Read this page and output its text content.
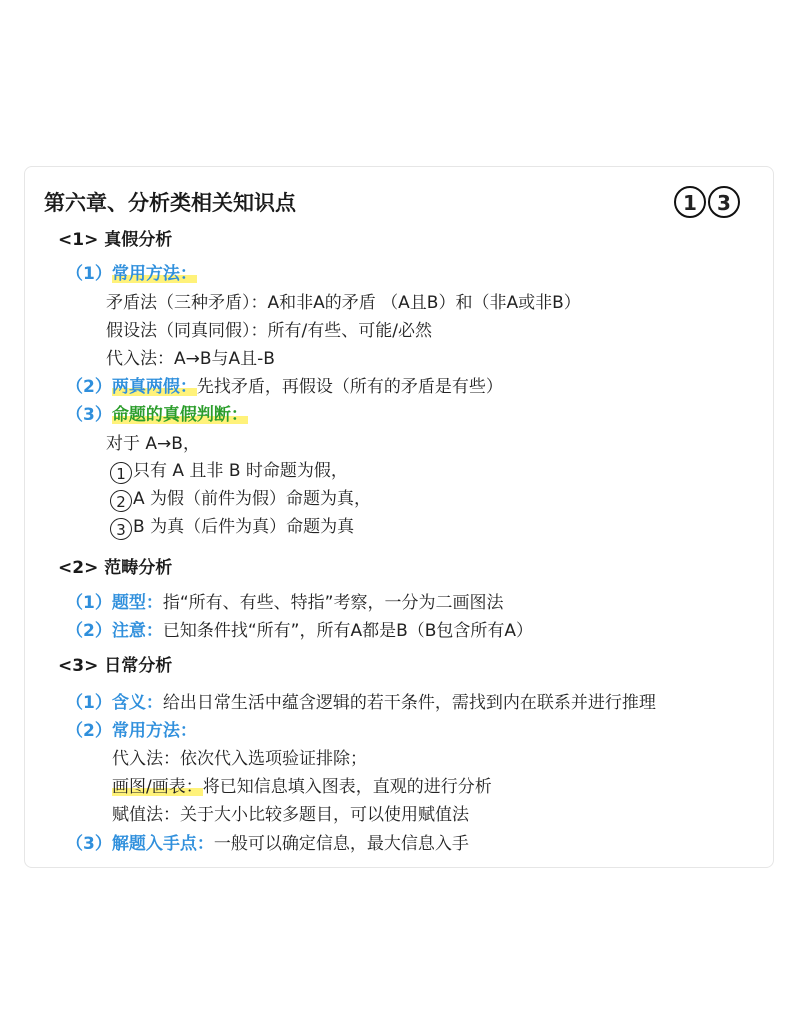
第六章、分析类相关知识点	1 3
<1> 真假分析
（1）常用方法：
矛盾法（三种矛盾）：A和非A的矛盾 （A且B）和（非A或非B）
假设法（同真同假）：所有/有些、可能/必然
代入法：A→B与A且-B
（2）两真两假：先找矛盾，再假设（所有的矛盾是有些）
（3）命题的真假判断：
对于 A→B，
1 只有 A 且非 B 时命题为假，
2 A 为假（前件为假）命题为真，
3 B 为真（后件为真）命题为真
<2> 范畴分析
（1）题型：指“所有、有些、特指”考察，一分为二画图法
（2）注意：已知条件找“所有”，所有A都是B（B包含所有A）
<3> 日常分析
（1）含义：给出日常生活中蕴含逻辑的若干条件，需找到内在联系并进行推理
（2）常用方法：
代入法：依次代入选项验证排除；
画图/画表：将已知信息填入图表，直观的进行分析
赋值法：关于大小比较多题目，可以使用赋值法
（3）解题入手点：一般可以确定信息，最大信息入手
